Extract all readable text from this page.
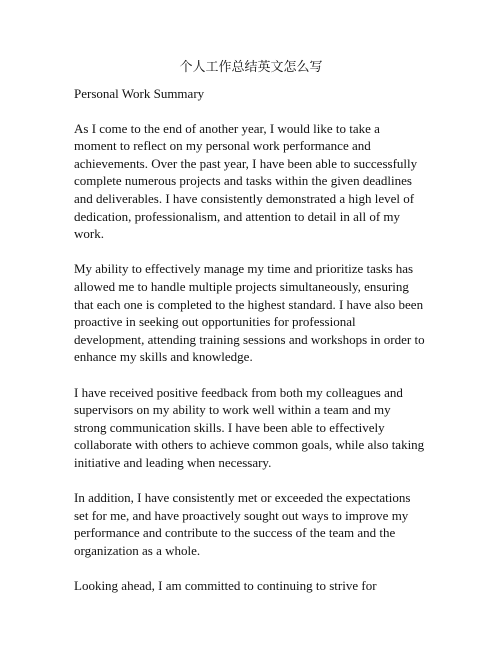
个人工作总结英文怎么写
Personal Work Summary
As I come to the end of another year, I would like to take a
moment to reflect on my personal work performance and
achievements. Over the past year, I have been able to successfully
complete numerous projects and tasks within the given deadlines
and deliverables. I have consistently demonstrated a high level of
dedication, professionalism, and attention to detail in all of my
work.
My ability to effectively manage my time and prioritize tasks has
allowed me to handle multiple projects simultaneously, ensuring
that each one is completed to the highest standard. I have also been
proactive in seeking out opportunities for professional
development, attending training sessions and workshops in order to
enhance my skills and knowledge.
I have received positive feedback from both my colleagues and
supervisors on my ability to work well within a team and my
strong communication skills. I have been able to effectively
collaborate with others to achieve common goals, while also taking
initiative and leading when necessary.
In addition, I have consistently met or exceeded the expectations
set for me, and have proactively sought out ways to improve my
performance and contribute to the success of the team and the
organization as a whole.
Looking ahead, I am committed to continuing to strive for
